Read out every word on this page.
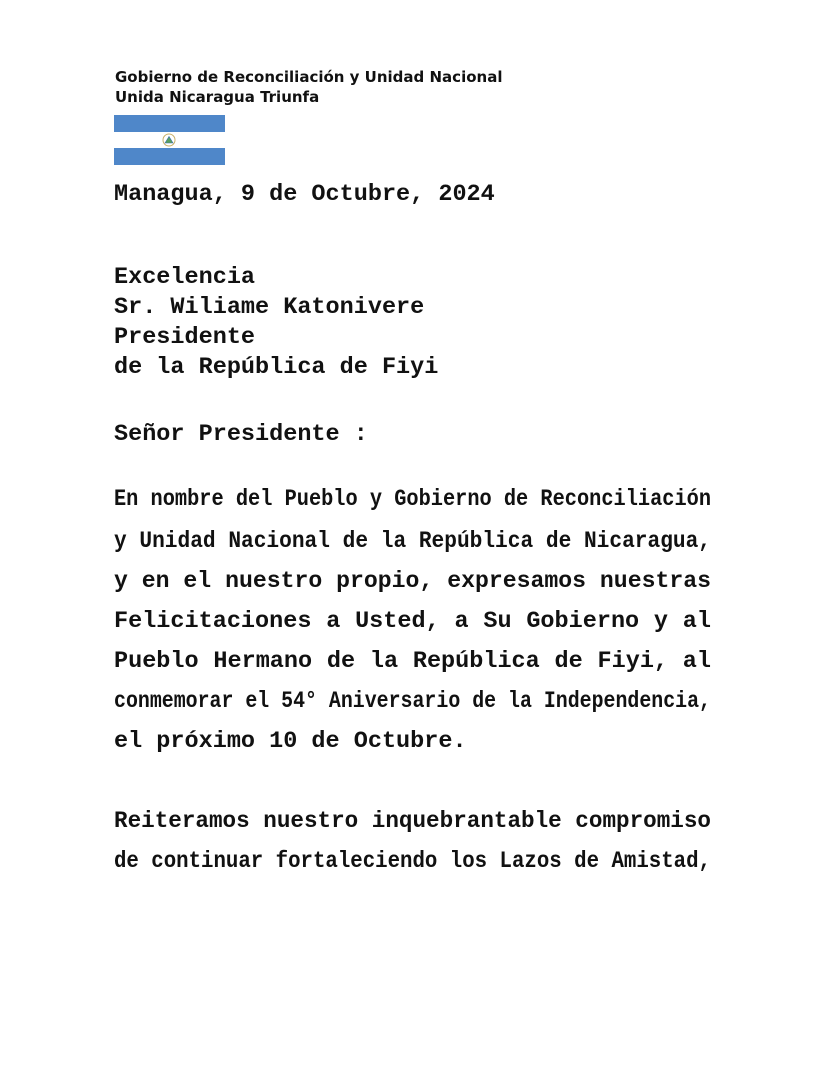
Gobierno de Reconciliación y Unidad Nacional
Unida Nicaragua Triunfa
Managua, 9 de Octubre, 2024
Excelencia
Sr. Wiliame Katonivere
Presidente
de la República de Fiyi
Señor Presidente :
En nombre del Pueblo y Gobierno de Reconciliación
y Unidad Nacional de la República de Nicaragua,
y en el nuestro propio, expresamos nuestras
Felicitaciones a Usted, a Su Gobierno y al
Pueblo Hermano de la República de Fiyi, al
conmemorar el 54° Aniversario de la Independencia,
el próximo 10 de Octubre.
Reiteramos nuestro inquebrantable compromiso
de continuar fortaleciendo los Lazos de Amistad,
